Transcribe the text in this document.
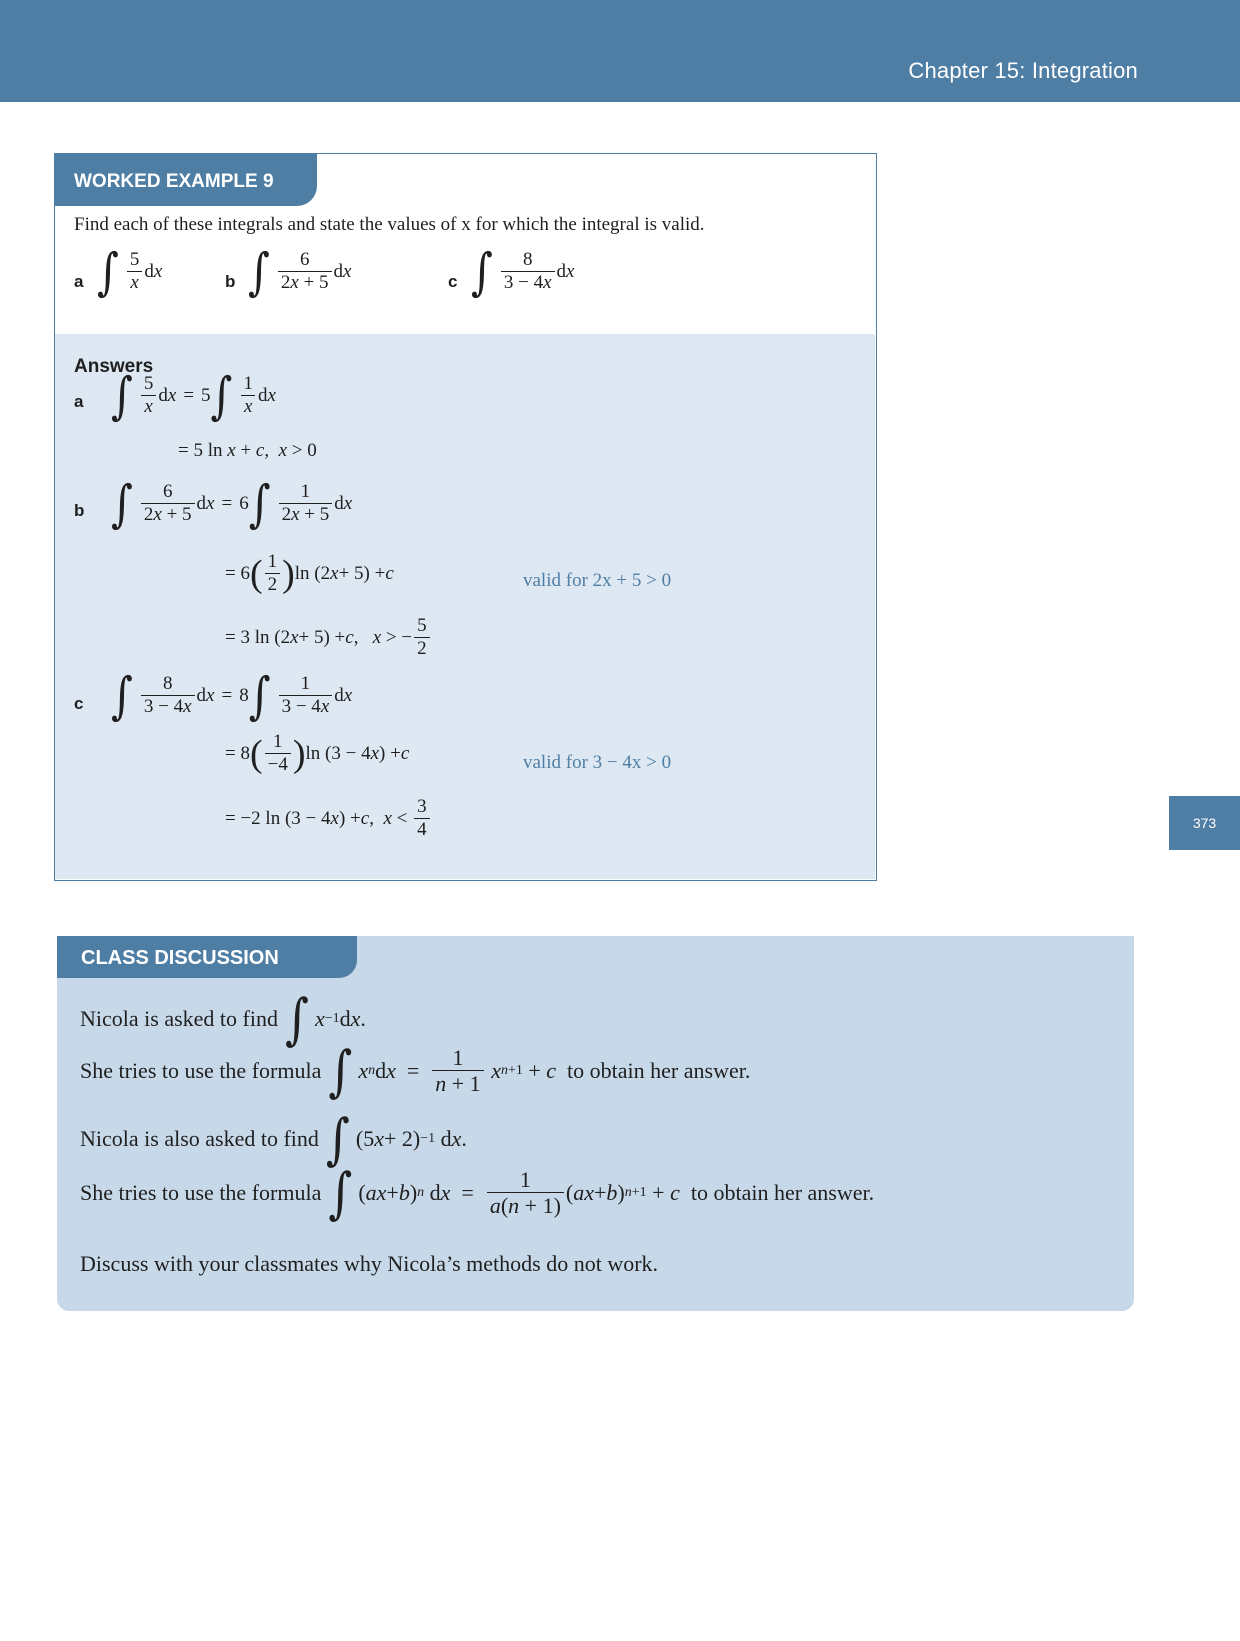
Chapter 15: Integration
373
WORKED EXAMPLE 9
Find each of these integrals and state the values of x for which the integral is valid.
a ∫ $\frac{5}{x}$ d x	b ∫ $\frac{6}{2x + 5}$ d x	c ∫ $\frac{8}{3 - 4x}$ d x
Answers
a ∫ $\frac{5}{x}$ d x = 5 ∫ $\frac{1}{x}$ d x
= 5 ln x + c , x > 0
b ∫ $\frac{6}{2x + 5}$ d x = 6 ∫ $\frac{1}{2x + 5}$ d x
= 6 ( $\frac{1}{2}$ ) ln (2 x + 5) + c	valid for 2x + 5 > 0
= 3 ln (2 x + 5) + c , x > − $\frac{5}{2}$
c ∫ $\frac{8}{3 - 4x}$ d x = 8 ∫ $\frac{1}{3 - 4x}$ d x
= 8 ( $\frac{1}{-4}$ ) ln (3 − 4 x ) + c	valid for 3 − 4x > 0
= −2 ln (3 − 4 x ) + c , $x < \frac{3}{4}$
CLASS DISCUSSION
Nicola is asked to find ∫ x −1 d x .
She tries to use the formula ∫ x n d $x = \frac{1}{n + 1}$
x n+1 + c
to obtain her answer.
Nicola is also asked to find ∫ (5 x + 2) −1 d x .
She tries to use the formula ∫ ( ax + b ) n d $x = \frac{1}{a(n + 1)}$ ( ax + b ) n+1 + c
to obtain her answer.
Discuss with your classmates why Nicola’s methods do not work.
